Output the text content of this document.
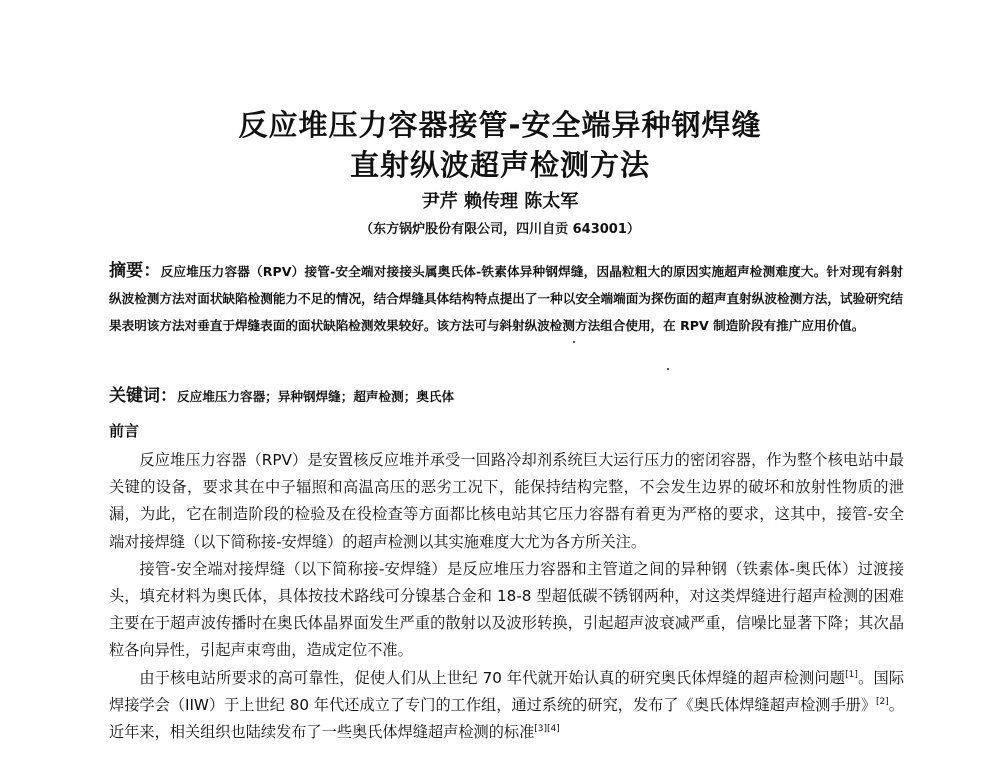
反应堆压力容器接管-安全端异种钢焊缝
直射纵波超声检测方法
尹芹 赖传理 陈太军
（东方锅炉股份有限公司，四川自贡 643001）
摘要：反应堆压力容器（RPV）接管-安全端对接接头属奥氏体-铁素体异种钢焊缝，因晶粒粗大的原因实施超声检测难度大。针对现有斜射纵波检测方法对面状缺陷检测能力不足的情况，结合焊缝具体结构特点提出了一种以安全端端面为探伤面的超声直射纵波检测方法，试验研究结果表明该方法对垂直于焊缝表面的面状缺陷检测效果较好。该方法可与斜射纵波检测方法组合使用，在 RPV 制造阶段有推广应用价值。
关键词：反应堆压力容器；异种钢焊缝；超声检测；奥氏体
前言

反应堆压力容器（RPV）是安置核反应堆并承受一回路冷却剂系统巨大运行压力的密闭容器，作为整个核电站中最关键的设备，要求其在中子辐照和高温高压的恶劣工况下，能保持结构完整，不会发生边界的破坏和放射性物质的泄漏，为此，它在制造阶段的检验及在役检查等方面都比核电站其它压力容器有着更为严格的要求，这其中，接管-安全端对接焊缝（以下简称接-安焊缝）的超声检测以其实施难度大尤为各方所关注。

接管-安全端对接焊缝（以下简称接-安焊缝）是反应堆压力容器和主管道之间的异种钢（铁素体-奥氏体）过渡接头，填充材料为奥氏体，具体按技术路线可分镍基合金和 18-8 型超低碳不锈钢两种，对这类焊缝进行超声检测的困难主要在于超声波传播时在奥氏体晶界面发生严重的散射以及波形转换，引起超声波衰减严重，信噪比显著下降；其次晶粒各向异性，引起声束弯曲，造成定位不准。

由于核电站所要求的高可靠性，促使人们从上世纪 70 年代就开始认真的研究奥氏体焊缝的超声检测问题[1]。国际焊接学会（IIW）于上世纪 80 年代还成立了专门的工作组，通过系统的研究，发布了《奥氏体焊缝超声检测手册》[2]。近年来，相关组织也陆续发布了一些奥氏体焊缝超声检测的标准[3][4]
